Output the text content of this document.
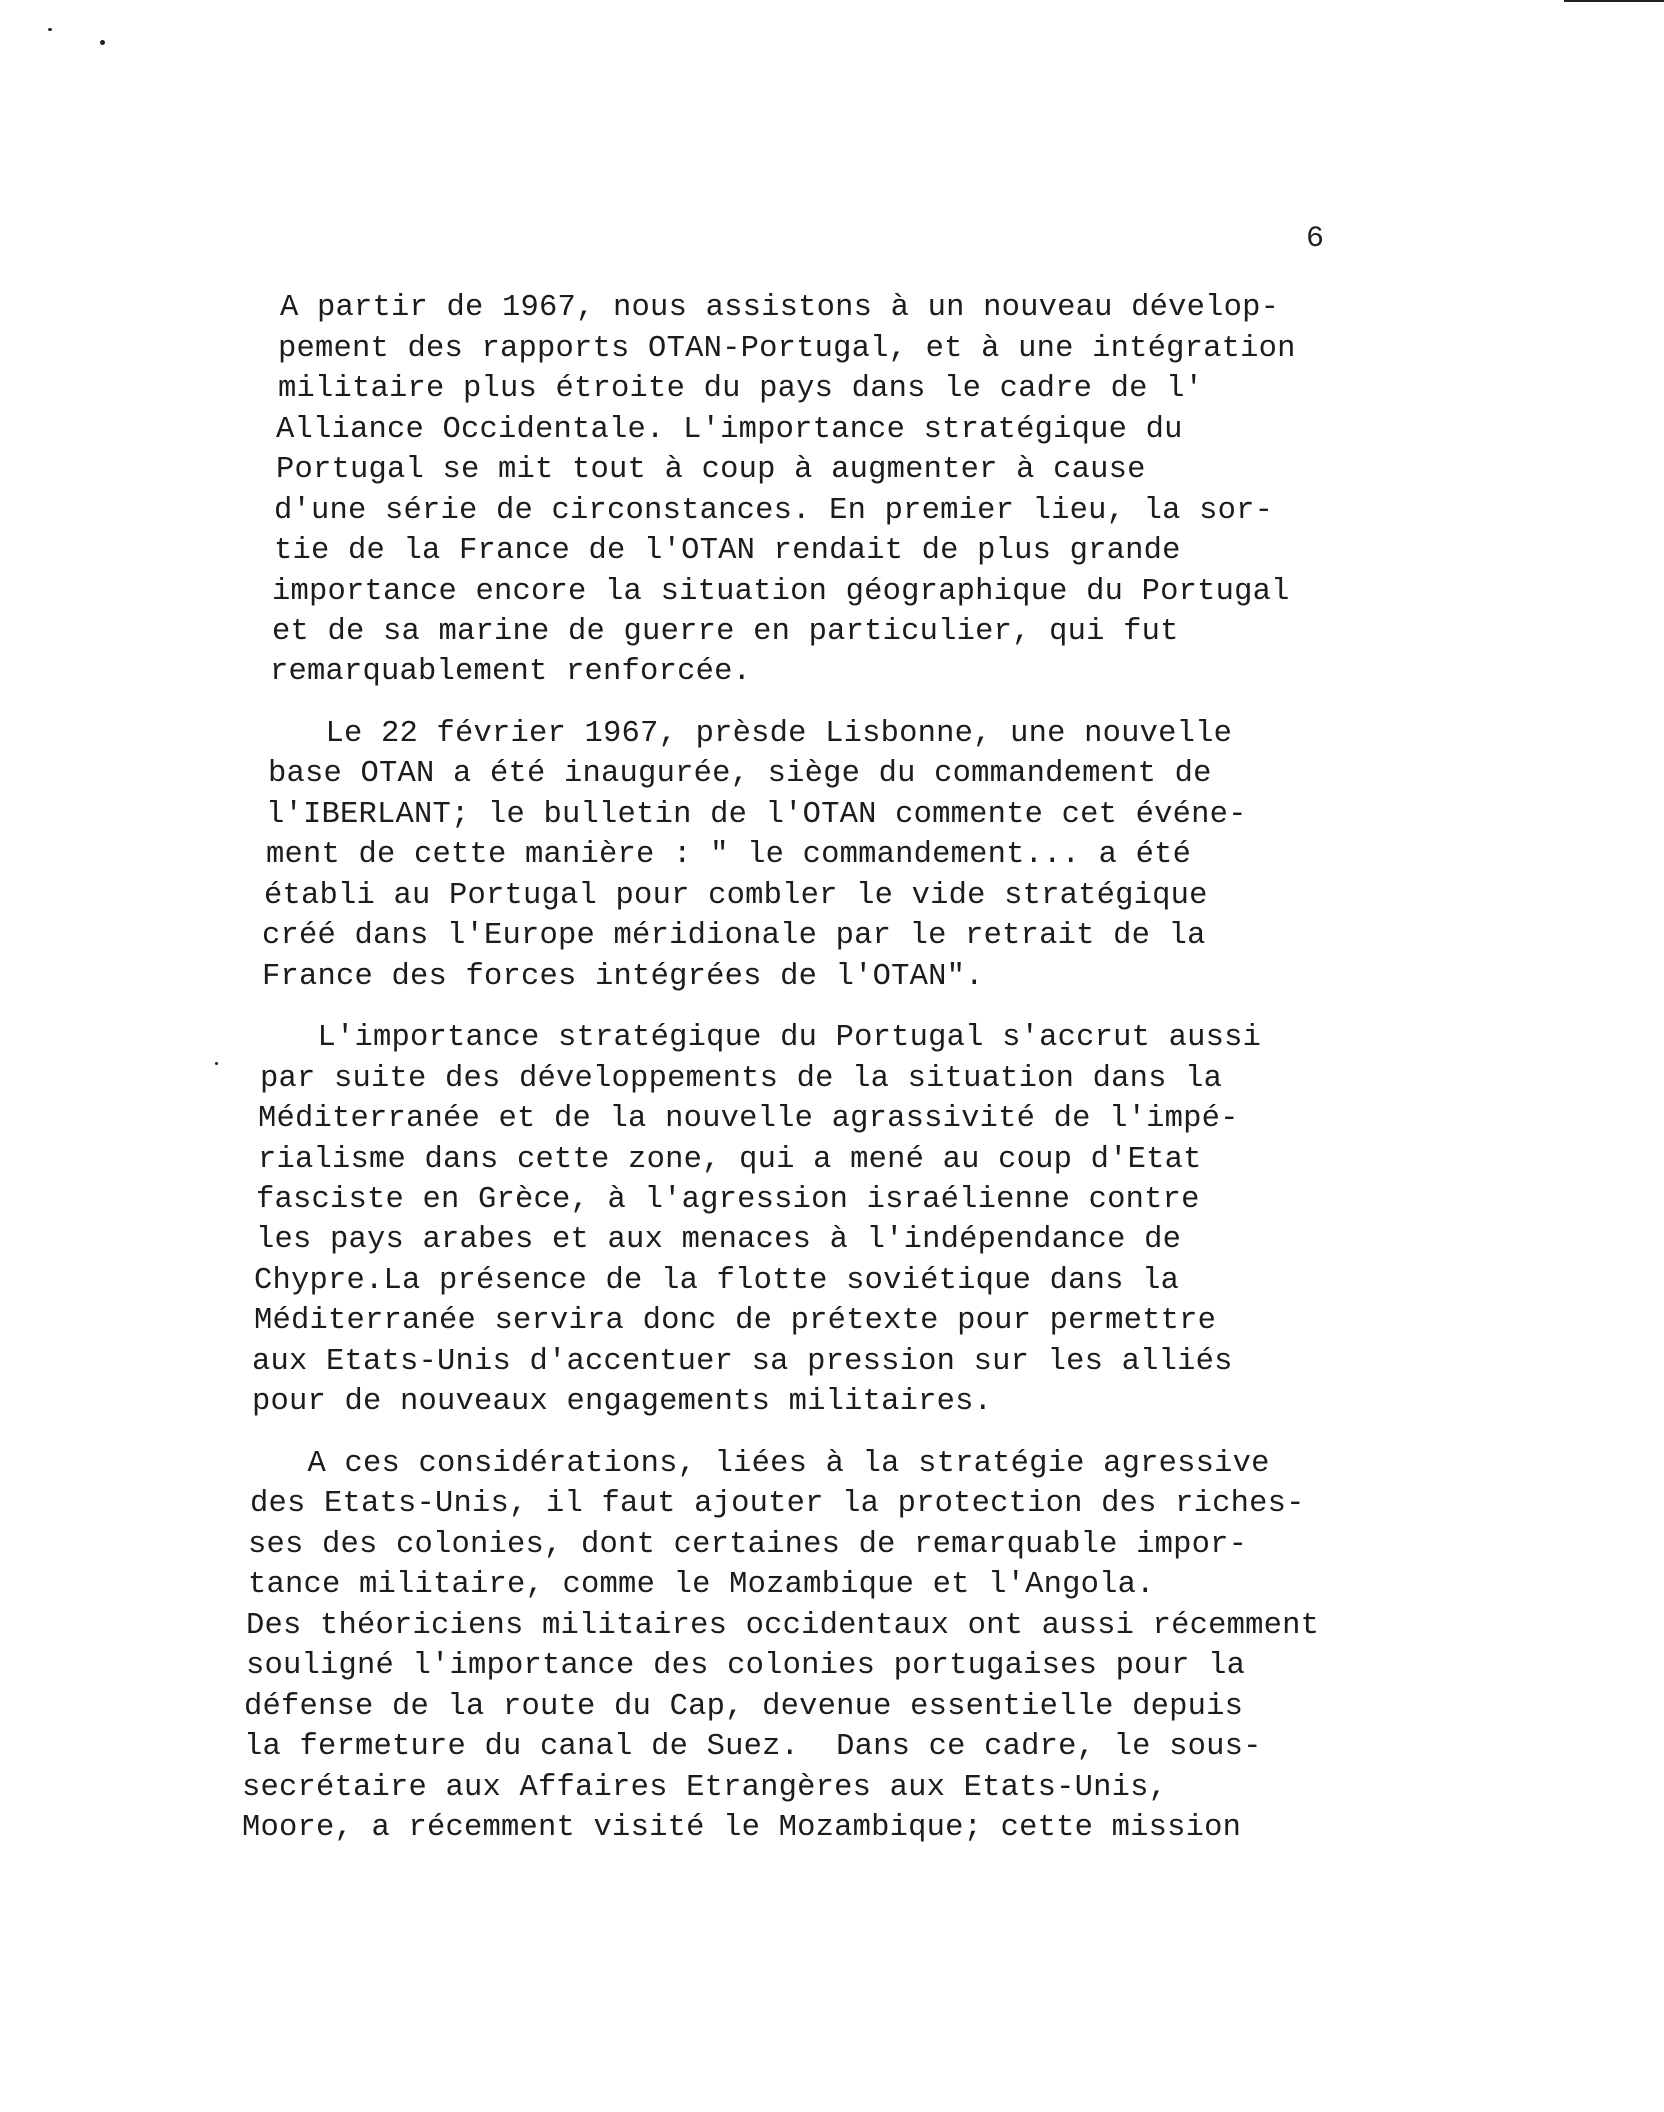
6
A partir de 1967, nous assistons à un nouveau dévelop-
pement des rapports OTAN-Portugal, et à une intégration
militaire plus étroite du pays dans le cadre de l'
Alliance Occidentale. L'importance stratégique du
Portugal se mit tout à coup à augmenter à cause
d'une série de circonstances. En premier lieu, la sor-
tie de la France de l'OTAN rendait de plus grande
importance encore la situation géographique du Portugal
et de sa marine de guerre en particulier, qui fut
remarquablement renforcée.
Le 22 février 1967, prèsde Lisbonne, une nouvelle
base OTAN a été inaugurée, siège du commandement de
l'IBERLANT; le bulletin de l'OTAN commente cet événe-
ment de cette manière : " le commandement... a été
établi au Portugal pour combler le vide stratégique
créé dans l'Europe méridionale par le retrait de la
France des forces intégrées de l'OTAN".
L'importance stratégique du Portugal s'accrut aussi
par suite des développements de la situation dans la
Méditerranée et de la nouvelle agrassivité de l'impé-
rialisme dans cette zone, qui a mené au coup d'Etat
fasciste en Grèce, à l'agression israélienne contre
les pays arabes et aux menaces à l'indépendance de
Chypre.La présence de la flotte soviétique dans la
Méditerranée servira donc de prétexte pour permettre
aux Etats-Unis d'accentuer sa pression sur les alliés
pour de nouveaux engagements militaires.
A ces considérations, liées à la stratégie agressive
des Etats-Unis, il faut ajouter la protection des riches-
ses des colonies, dont certaines de remarquable impor-
tance militaire, comme le Mozambique et l'Angola.
Des théoriciens militaires occidentaux ont aussi récemment
souligné l'importance des colonies portugaises pour la
défense de la route du Cap, devenue essentielle depuis
la fermeture du canal de Suez.  Dans ce cadre, le sous-
secrétaire aux Affaires Etrangères aux Etats-Unis,
Moore, a récemment visité le Mozambique; cette mission
